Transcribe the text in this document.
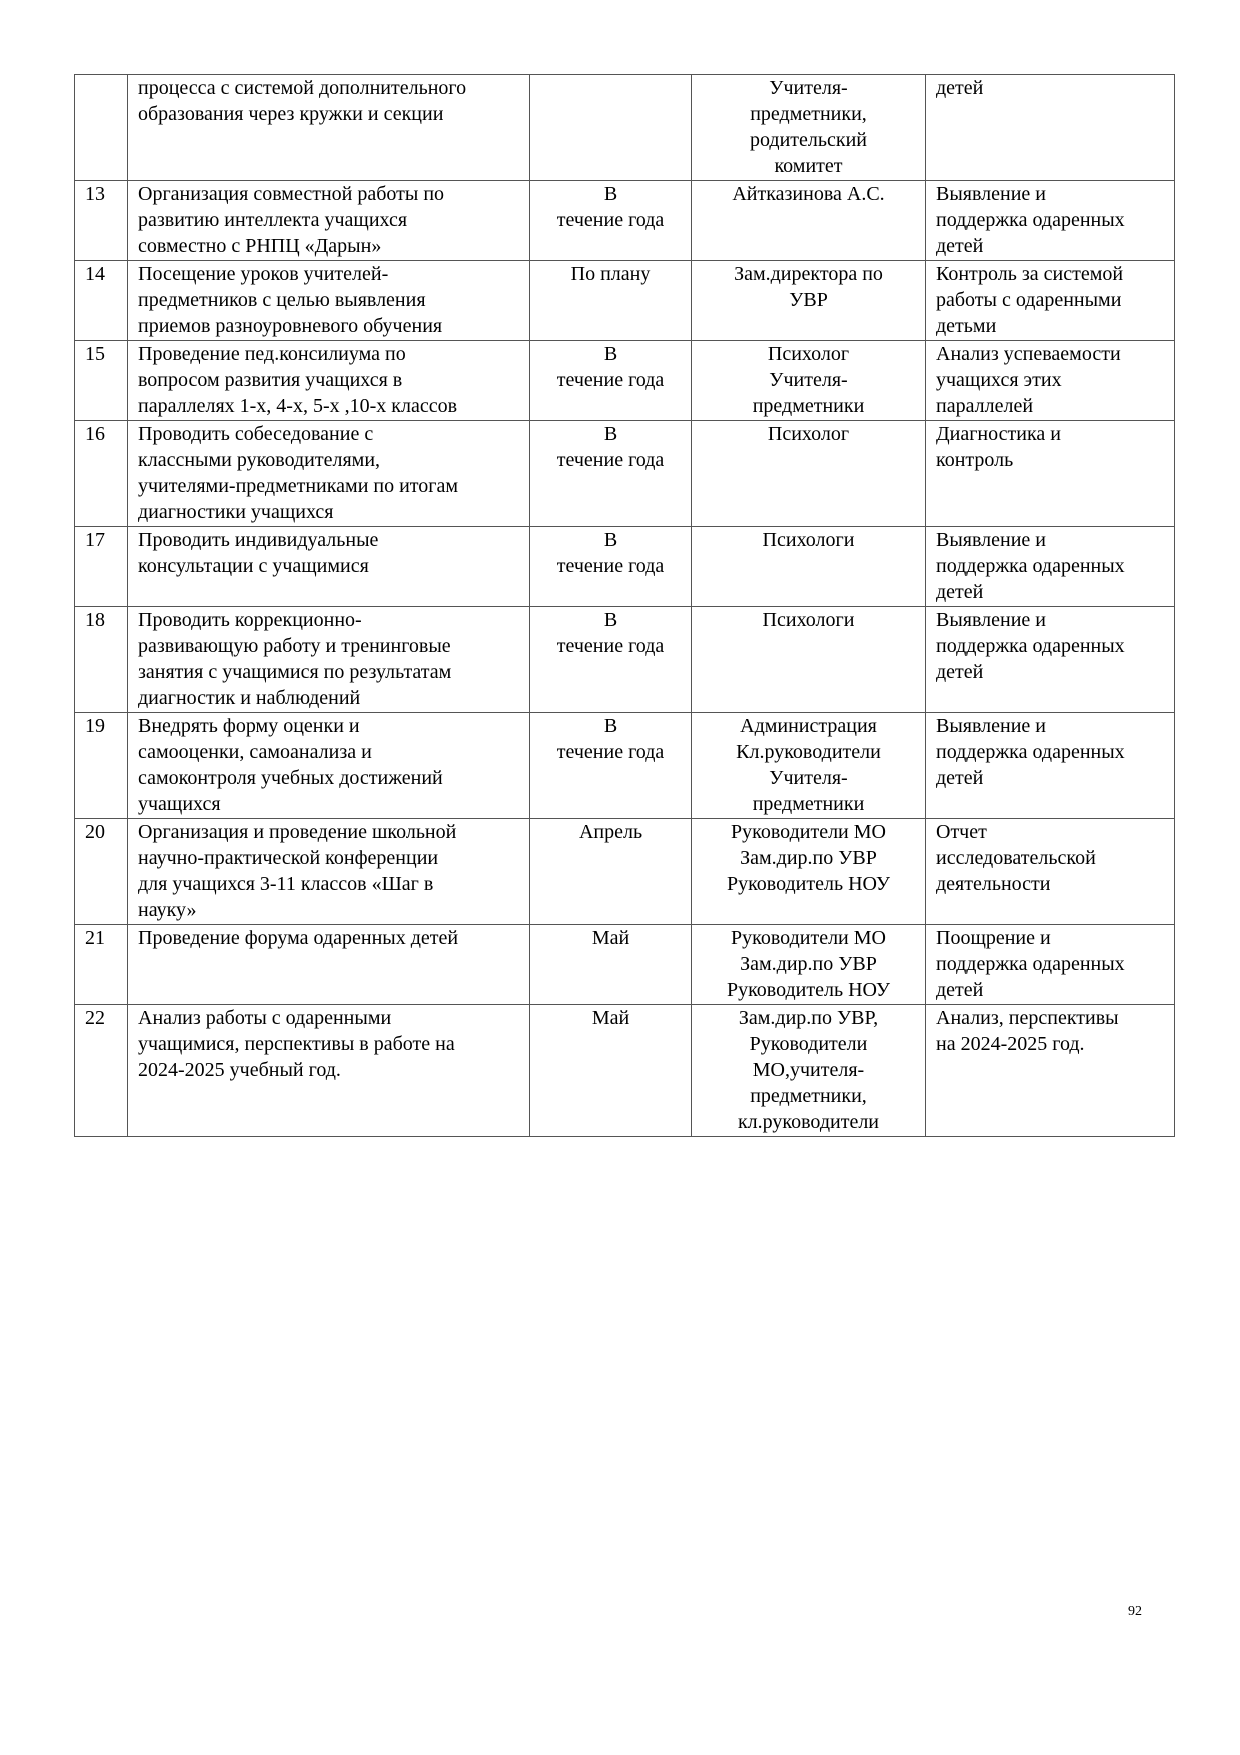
	процесса с системой дополнительного
образования через кружки и секции		Учителя-
предметники,
родительский
комитет	детей

13	Организация совместной работы по
развитию интеллекта учащихся
совместно с РНПЦ «Дарын»	В
течение года	Айтказинова А.С.	Выявление и
поддержка одаренных
детей

14	Посещение уроков учителей-
предметников с целью выявления
приемов разноуровневого обучения	По плану	Зам.директора по
УВР	Контроль за системой
работы с одаренными
детьми

15	Проведение пед.консилиума по
вопросом развития учащихся в
параллелях 1-х, 4-х, 5-х ,10-х классов	В
течение года	Психолог
Учителя-
предметники	Анализ успеваемости
учащихся этих
параллелей

16	Проводить собеседование с
классными руководителями,
учителями-предметниками по итогам
диагностики учащихся	В
течение года	Психолог	Диагностика и
контроль

17	Проводить индивидуальные
консультации с учащимися	В
течение года	Психологи	Выявление и
поддержка одаренных
детей

18	Проводить коррекционно-
развивающую работу и тренинговые
занятия с учащимися по результатам
диагностик и наблюдений	В
течение года	Психологи	Выявление и
поддержка одаренных
детей

19	Внедрять форму оценки и
самооценки, самоанализа и
самоконтроля учебных достижений
учащихся	В
течение года	Администрация
Кл.руководители
Учителя-
предметники	Выявление и
поддержка одаренных
детей

20	Организация и проведение школьной
научно-практической конференции
для учащихся 3-11 классов «Шаг в
науку»	Апрель	Руководители МО
Зам.дир.по УВР
Руководитель НОУ	Отчет
исследовательской
деятельности

21	Проведение форума одаренных детей	Май	Руководители МО
Зам.дир.по УВР
Руководитель НОУ	Поощрение и
поддержка одаренных
детей

22	Анализ работы с одаренными
учащимися, перспективы в работе на
2024-2025 учебный год.	Май	Зам.дир.по УВР,
Руководители
МО,учителя-
предметники,
кл.руководители	Анализ, перспективы
на 2024-2025 год.
92
